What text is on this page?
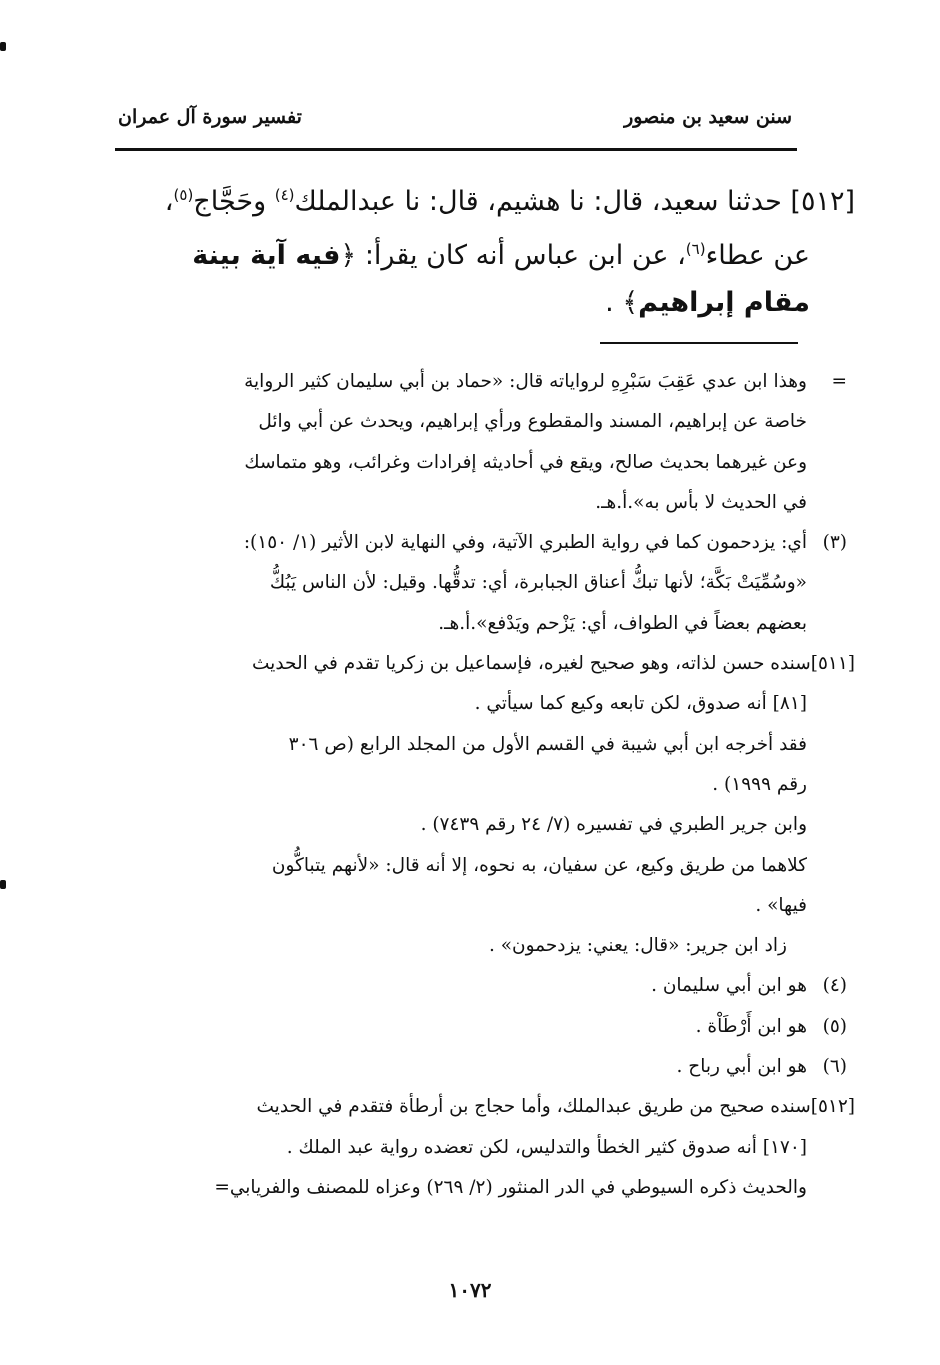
سنن سعيد بن منصور
تفسير سورة آل عمران
[٥١٢] حدثنا سعيد، قال: نا هشيم، قال: نا عبدالملك$^{(٤)}$ وحَجَّاج$^{(٥)}$،
عن عطاء$^{(٦)}$، عن ابن عباس أنه كان يقرأ: ﴿فيه آية بينة
مقام إبراهيم﴾ .
=
وهذا ابن عدي عَقِبَ سَبْرِهِ لرواياته قال: «حماد بن أبي سليمان كثير الرواية
خاصة عن إبراهيم، المسند والمقطوع ورأي إبراهيم، ويحدث عن أبي وائل
وعن غيرهما بحديث صالح، ويقع في أحاديثه إفرادات وغرائب، وهو متماسك
في الحديث لا بأس به».أ.هـ.
(٣)
أي: يزدحمون كما في رواية الطبري الآتية، وفي النهاية لابن الأثير (١/ ١٥٠):
«وسُمِّيَتْ بَكَّة؛ لأنها تبكُّ أعناق الجبابرة، أي: تدقُّها. وقيل: لأن الناس يَبُكُّ
بعضهم بعضاً في الطواف، أي: يَزْحم ويَدْفع».أ.هـ.
[٥١١]سنده حسن لذاته، وهو صحيح لغيره، فإسماعيل بن زكريا تقدم في الحديث
[٨١] أنه صدوق، لكن تابعه وكيع كما سيأتي .
فقد أخرجه ابن أبي شيبة في القسم الأول من المجلد الرابع (ص ٣٠٦
رقم ١٩٩٩) .
وابن جرير الطبري في تفسيره (٧/ ٢٤ رقم ٧٤٣٩) .
كلاهما من طريق وكيع، عن سفيان، به نحوه، إلا أنه قال: «لأنهم يتباكُّون
فيها» .
زاد ابن جرير: «قال: يعني: يزدحمون» .
(٤)
هو ابن أبي سليمان .
(٥)
هو ابن أَرْطَاْة .
(٦)
هو ابن أبي رباح .
[٥١٢]سنده صحيح من طريق عبدالملك، وأما حجاج بن أرطأة فتقدم في الحديث
[١٧٠] أنه صدوق كثير الخطأ والتدليس، لكن تعضده رواية عبد الملك .
والحديث ذكره السيوطي في الدر المنثور (٢/ ٢٦٩) وعزاه للمصنف والفريابي=
١٠٧٢
